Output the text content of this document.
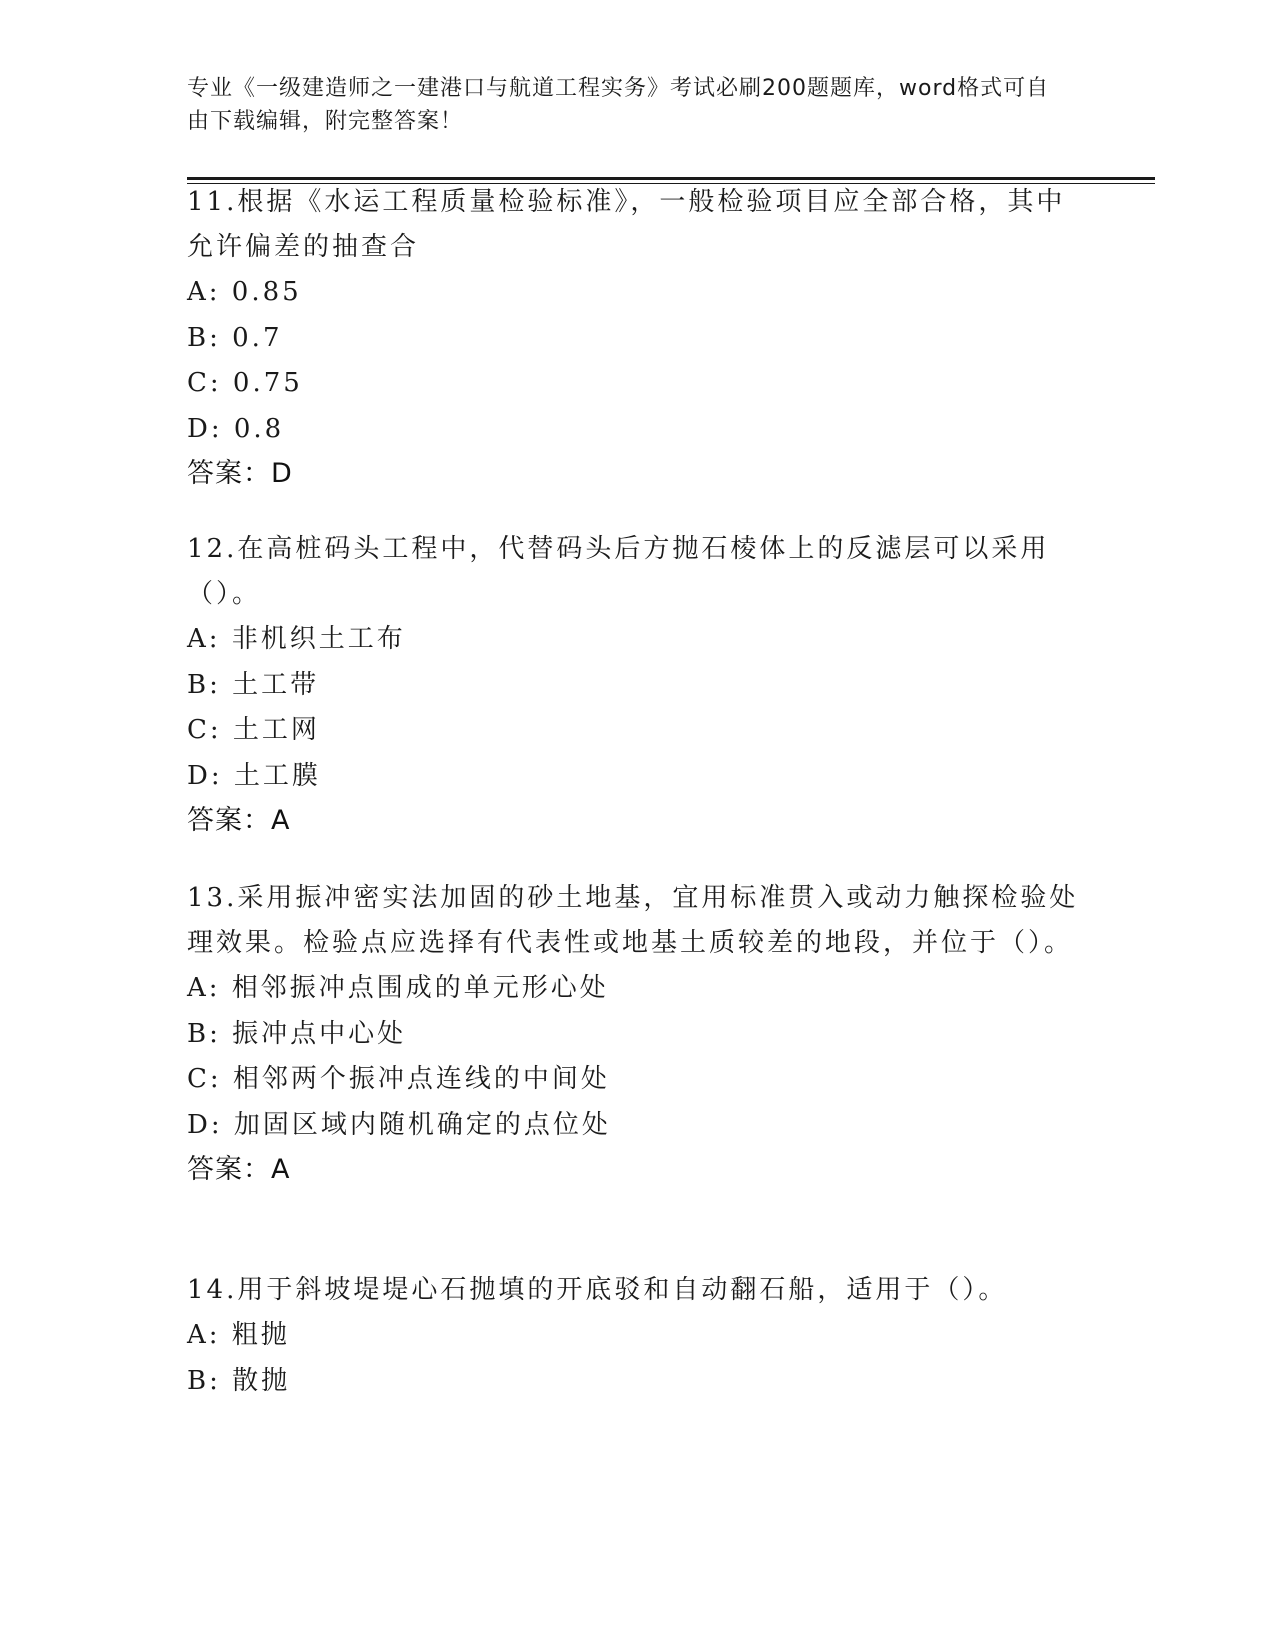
专业《一级建造师之一建港口与航道工程实务》考试必刷200题题库，word格式可自由下载编辑，附完整答案！

11.根据《水运工程质量检验标准》，一般检验项目应全部合格，其中允许偏差的抽查合

A: 0.85

B: 0.7

C: 0.75

D: 0.8

答案：D

12.在高桩码头工程中，代替码头后方抛石棱体上的反滤层可以采用（）。

A: 非机织土工布

B: 土工带

C: 土工网

D: 土工膜

答案：A

13.采用振冲密实法加固的砂土地基，宜用标准贯入或动力触探检验处理效果。检验点应选择有代表性或地基土质较差的地段，并位于（）。

A: 相邻振冲点围成的单元形心处

B: 振冲点中心处

C: 相邻两个振冲点连线的中间处

D: 加固区域内随机确定的点位处

答案：A

14.用于斜坡堤堤心石抛填的开底驳和自动翻石船，适用于（）。

A: 粗抛

B: 散抛
